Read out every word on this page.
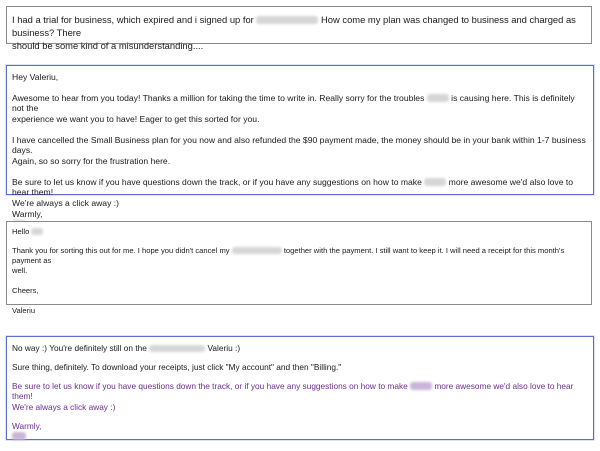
I had a trial for business, which expired and i signed up for	How come my plan was changed to business and charged as business? There

should be some kind of a misunderstanding....

Hey Valeriu,

Awesome to hear from you today! Thanks a million for taking the time to write in. Really sorry for the troubles	is causing here. This is definitely not the

experience we want you to have! Eager to get this sorted for you.

I have cancelled the Small Business plan for you now and also refunded the $90 payment made, the money should be in your bank within 1-7 business days.

Again, so so sorry for the frustration here.

Be sure to let us know if you have questions down the track, or if you have any suggestions on how to make	more awesome we'd also love to hear them!

We're always a click away :)

Warmly,

Hello

Thank you for sorting this out for me. I hope you didn't cancel my	together with the payment. I still want to keep it. I will need a receipt for this month's payment as

well.

Cheers,

Valeriu

No way :) You're definitely still on the	Valeriu :)

Sure thing, definitely. To download your receipts, just click "My account" and then "Billing."

Be sure to let us know if you have questions down the track, or if you have any suggestions on how to make	more awesome we'd also love to hear them!

We're always a click away :)

Warmly,
